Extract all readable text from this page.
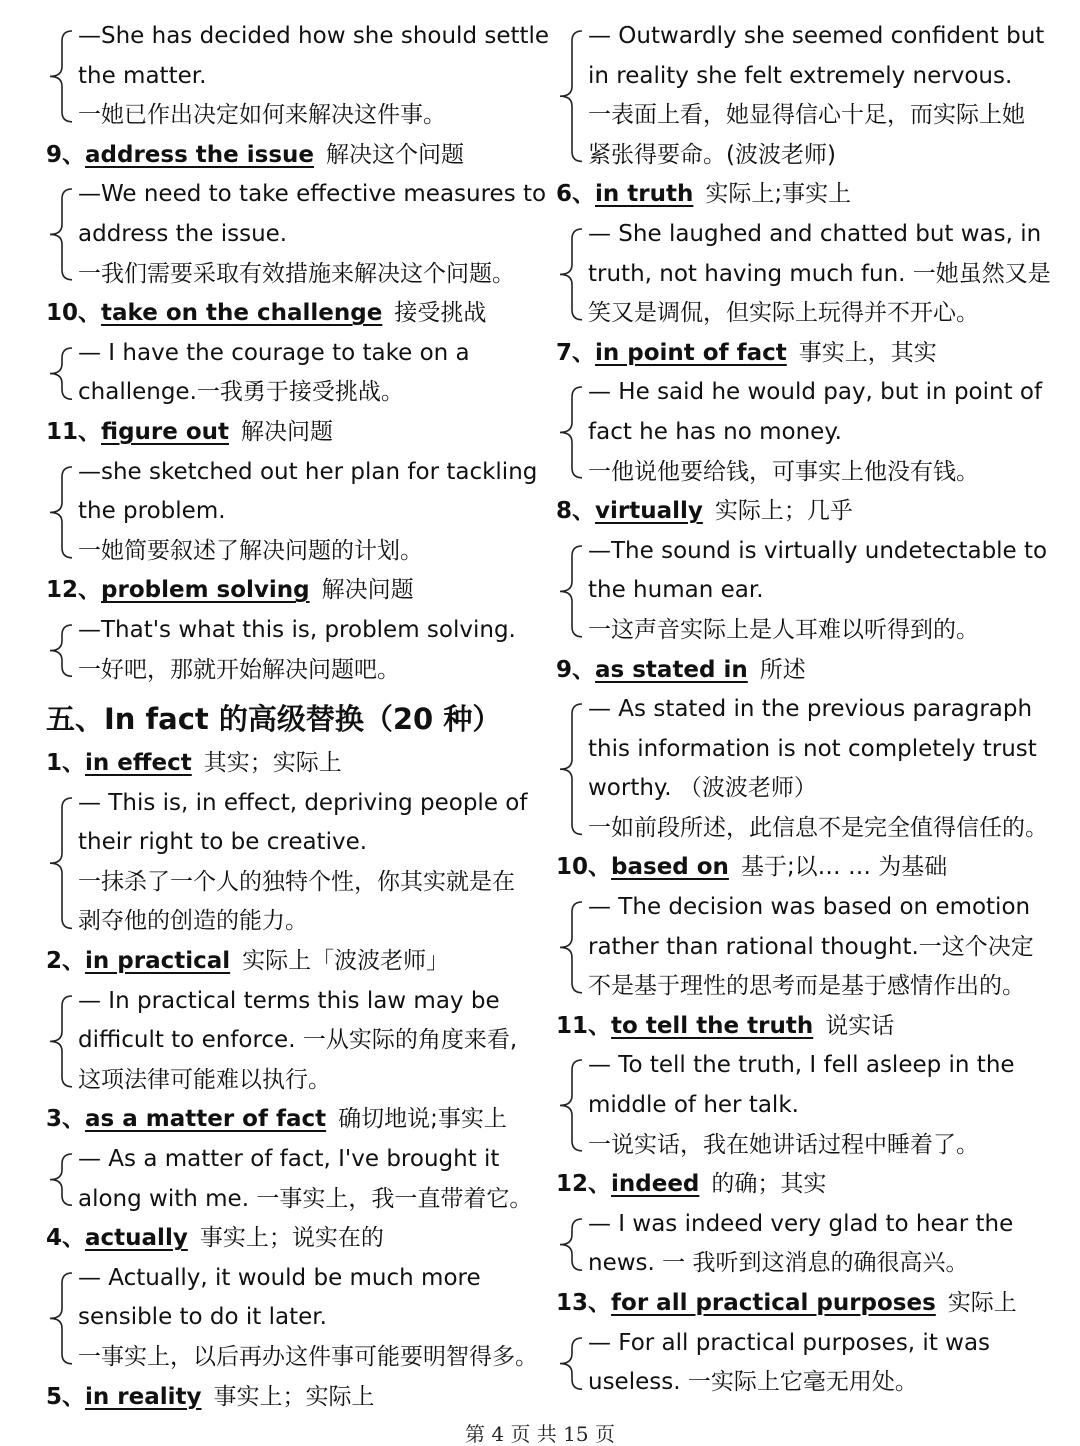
—She has decided how she should settle
the matter.
一她已作出决定如何来解决这件事。
9、address the issue 解决这个问题
—We need to take effective measures to
address the issue.
一我们需要采取有效措施来解决这个问题。
10、take on the challenge 接受挑战
— I have the courage to take on a
challenge.一我勇于接受挑战。
11、figure out 解决问题
—she sketched out her plan for tackling
the problem.
一她简要叙述了解决问题的计划。
12、problem solving 解决问题
—That's what this is, problem solving.
一好吧，那就开始解决问题吧。
五、In fact 的高级替换（20 种）
1、in effect 其实；实际上
— This is, in effect, depriving people of
their right to be creative.
一抹杀了一个人的独特个性，你其实就是在
剥夺他的创造的能力。
2、in practical 实际上「波波老师」
— In practical terms this law may be
difficult to enforce. 一从实际的角度来看,
这项法律可能难以执行。
3、as a matter of fact 确切地说;事实上
— As a matter of fact, I've brought it
along with me. 一事实上，我一直带着它。
4、actually 事实上；说实在的
— Actually, it would be much more
sensible to do it later.
一事实上，以后再办这件事可能要明智得多。
5、in reality 事实上；实际上
— Outwardly she seemed confident but
in reality she felt extremely nervous.
一表面上看，她显得信心十足，而实际上她
紧张得要命。(波波老师)
6、in truth 实际上;事实上
— She laughed and chatted but was, in
truth, not having much fun. 一她虽然又是
笑又是调侃，但实际上玩得并不开心。
7、in point of fact 事实上，其实
— He said he would pay, but in point of
fact he has no money.
一他说他要给钱，可事实上他没有钱。
8、virtually 实际上；几乎
—The sound is virtually undetectable to
the human ear.
一这声音实际上是人耳难以听得到的。
9、as stated in 所述
— As stated in the previous paragraph
this information is not completely trust
worthy. （波波老师）
一如前段所述，此信息不是完全值得信任的。
10、based on 基于;以… … 为基础
— The decision was based on emotion
rather than rational thought.一这个决定
不是基于理性的思考而是基于感情作出的。
11、to tell the truth 说实话
— To tell the truth, I fell asleep in the
middle of her talk.
一说实话，我在她讲话过程中睡着了。
12、indeed 的确；其实
— I was indeed very glad to hear the
news. 一 我听到这消息的确很高兴。
13、for all practical purposes 实际上
— For all practical purposes, it was
useless. 一实际上它毫无用处。
第 4 页 共 15 页
